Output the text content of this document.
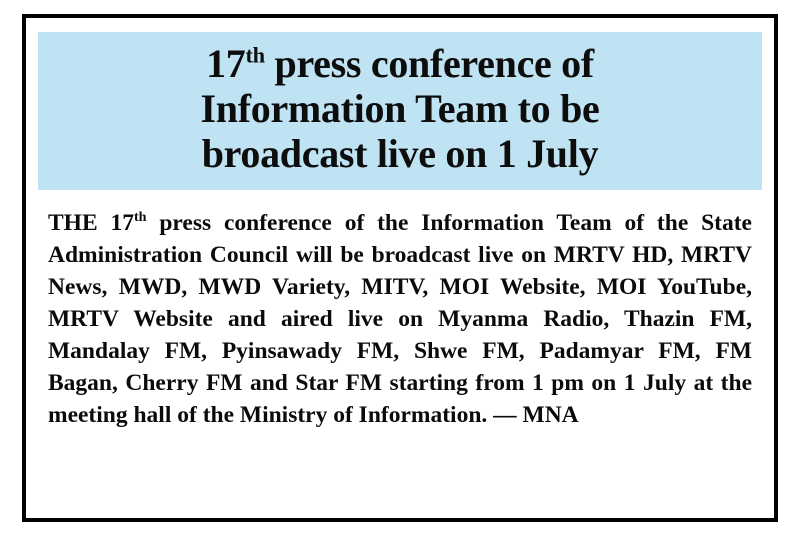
17th press conference of
Information Team to be
broadcast live on 1 July

THE 17th press conference of the Information Team of the State Administration Council will be broadcast live on MRTV HD, MRTV News, MWD, MWD Variety, MITV, MOI Website, MOI YouTube, MRTV Website and aired live on Myanma Radio, Thazin FM, Mandalay FM, Pyinsawady FM, Shwe FM, Padamyar FM, FM Bagan, Cherry FM and Star FM starting from 1 pm on 1 July at the meeting hall of the Ministry of Information. — MNA
